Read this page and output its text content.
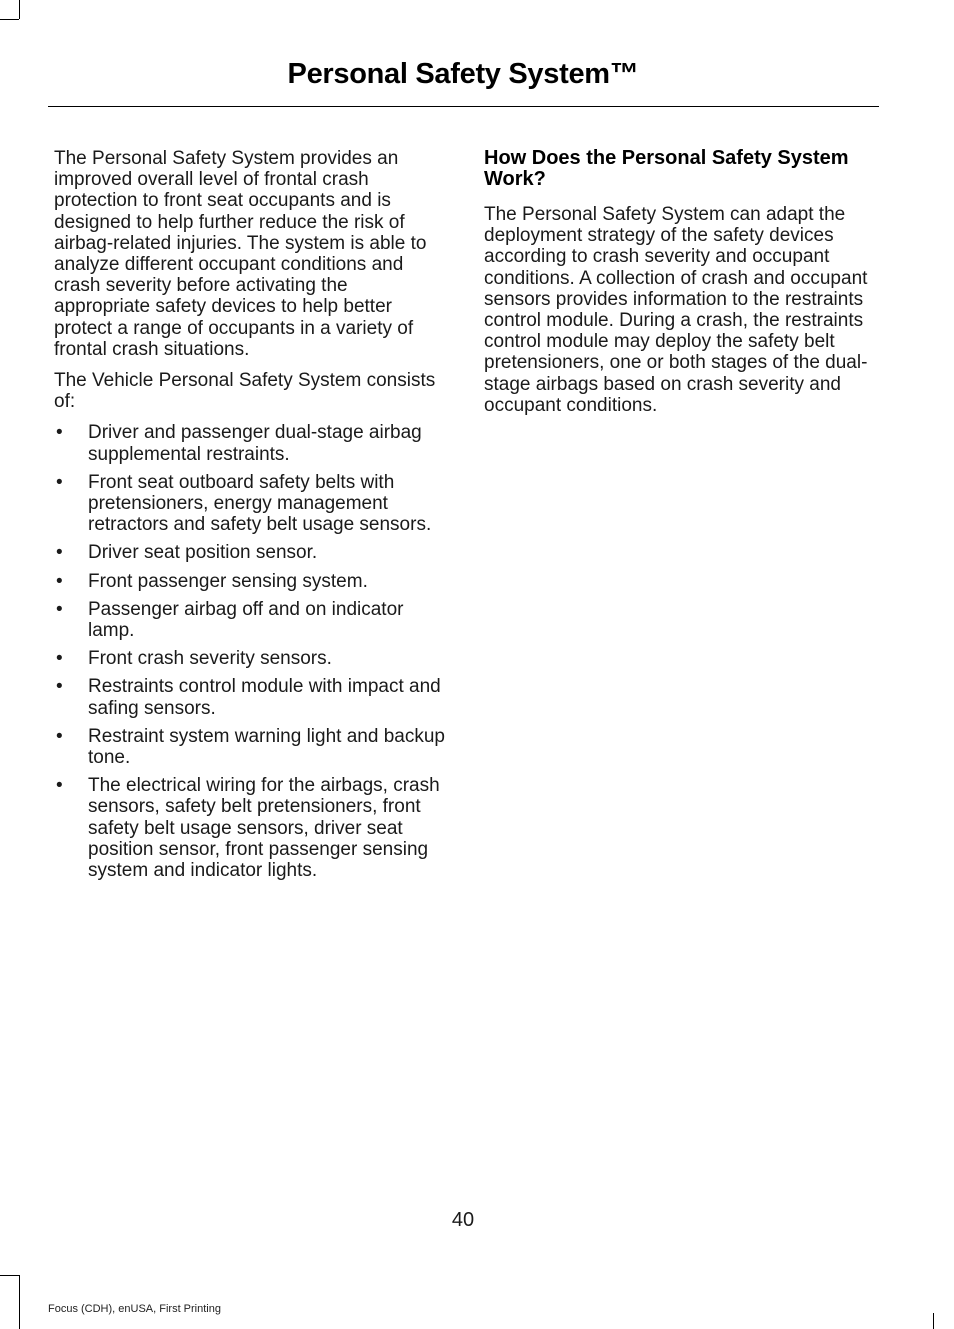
Personal Safety System™

The Personal Safety System provides an improved overall level of frontal crash protection to front seat occupants and is designed to help further reduce the risk of airbag-related injuries. The system is able to analyze different occupant conditions and crash severity before activating the appropriate safety devices to help better protect a range of occupants in a variety of frontal crash situations.

The Vehicle Personal Safety System consists of:

• Driver and passenger dual-stage airbag supplemental restraints.
• Front seat outboard safety belts with pretensioners, energy management retractors and safety belt usage sensors.
• Driver seat position sensor.
• Front passenger sensing system.
• Passenger airbag off and on indicator lamp.
• Front crash severity sensors.
• Restraints control module with impact and safing sensors.
• Restraint system warning light and backup tone.
• The electrical wiring for the airbags, crash sensors, safety belt pretensioners, front safety belt usage sensors, driver seat position sensor, front passenger sensing system and indicator lights.
How Does the Personal Safety System Work?

The Personal Safety System can adapt the deployment strategy of the safety devices according to crash severity and occupant conditions. A collection of crash and occupant sensors provides information to the restraints control module. During a crash, the restraints control module may deploy the safety belt pretensioners, one or both stages of the dual-stage airbags based on crash severity and occupant conditions.

40
Focus (CDH), enUSA, First Printing
